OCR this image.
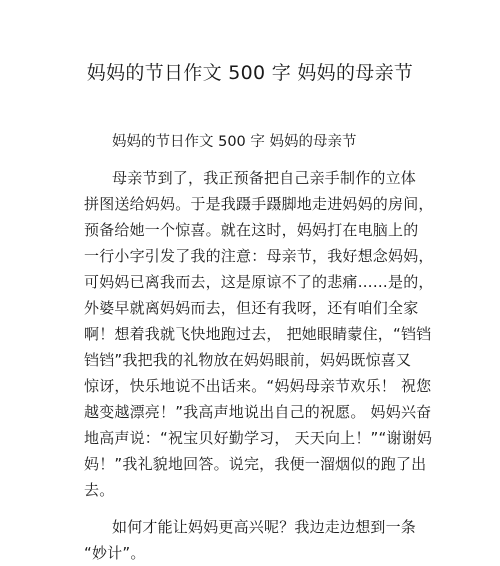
妈妈的节日作文 500 字 妈妈的母亲节
妈妈的节日作文 500 字 妈妈的母亲节
母亲节到了，我正预备把自己亲手制作的立体
拼图送给妈妈。于是我蹑手蹑脚地走进妈妈的房间，
预备给她一个惊喜。就在这时，妈妈打在电脑上的
一行小字引发了我的注意：母亲节，我好想念妈妈，
可妈妈已离我而去，这是原谅不了的悲痛……是的，
外婆早就离妈妈而去，但还有我呀，还有咱们全家
啊！想着我就飞快地跑过去， 把她眼睛蒙住，“铛铛
铛铛”我把我的礼物放在妈妈眼前，妈妈既惊喜又
惊讶，快乐地说不出话来。“妈妈母亲节欢乐！ 祝您
越变越漂亮！”我高声地说出自己的祝愿。 妈妈兴奋
地高声说：“祝宝贝好勤学习， 天天向上！”“谢谢妈
妈！”我礼貌地回答。说完，我便一溜烟似的跑了出
去。
如何才能让妈妈更高兴呢？我边走边想到一条
“妙计”。
